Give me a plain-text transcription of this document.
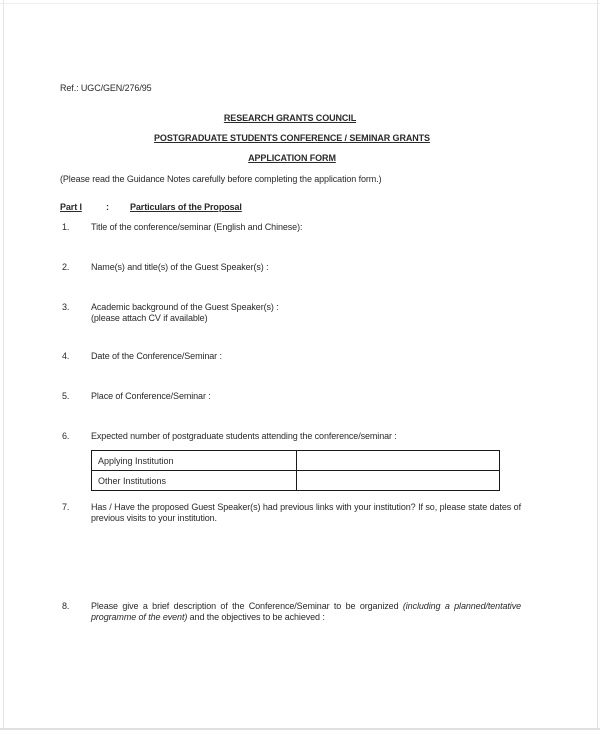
Ref.: UGC/GEN/276/95
RESEARCH GRANTS COUNCIL
POSTGRADUATE STUDENTS CONFERENCE / SEMINAR GRANTS
APPLICATION FORM
(Please read the Guidance Notes carefully before completing the application form.)
Part I	: Particulars of the Proposal
1. Title of the conference/seminar (English and Chinese):
2. Name(s) and title(s) of the Guest Speaker(s) :
3. Academic background of the Guest Speaker(s) :
(please attach CV if available)
4. Date of the Conference/Seminar :
5. Place of Conference/Seminar :
6. Expected number of postgraduate students attending the conference/seminar :
Applying Institution	
Other Institutions	
7. Has / Have the proposed Guest Speaker(s) had previous links with your institution? If so, please state dates of previous visits to your institution.
8. Please give a brief description of the Conference/Seminar to be organized (including a planned/tentative programme of the event) and the objectives to be achieved :
